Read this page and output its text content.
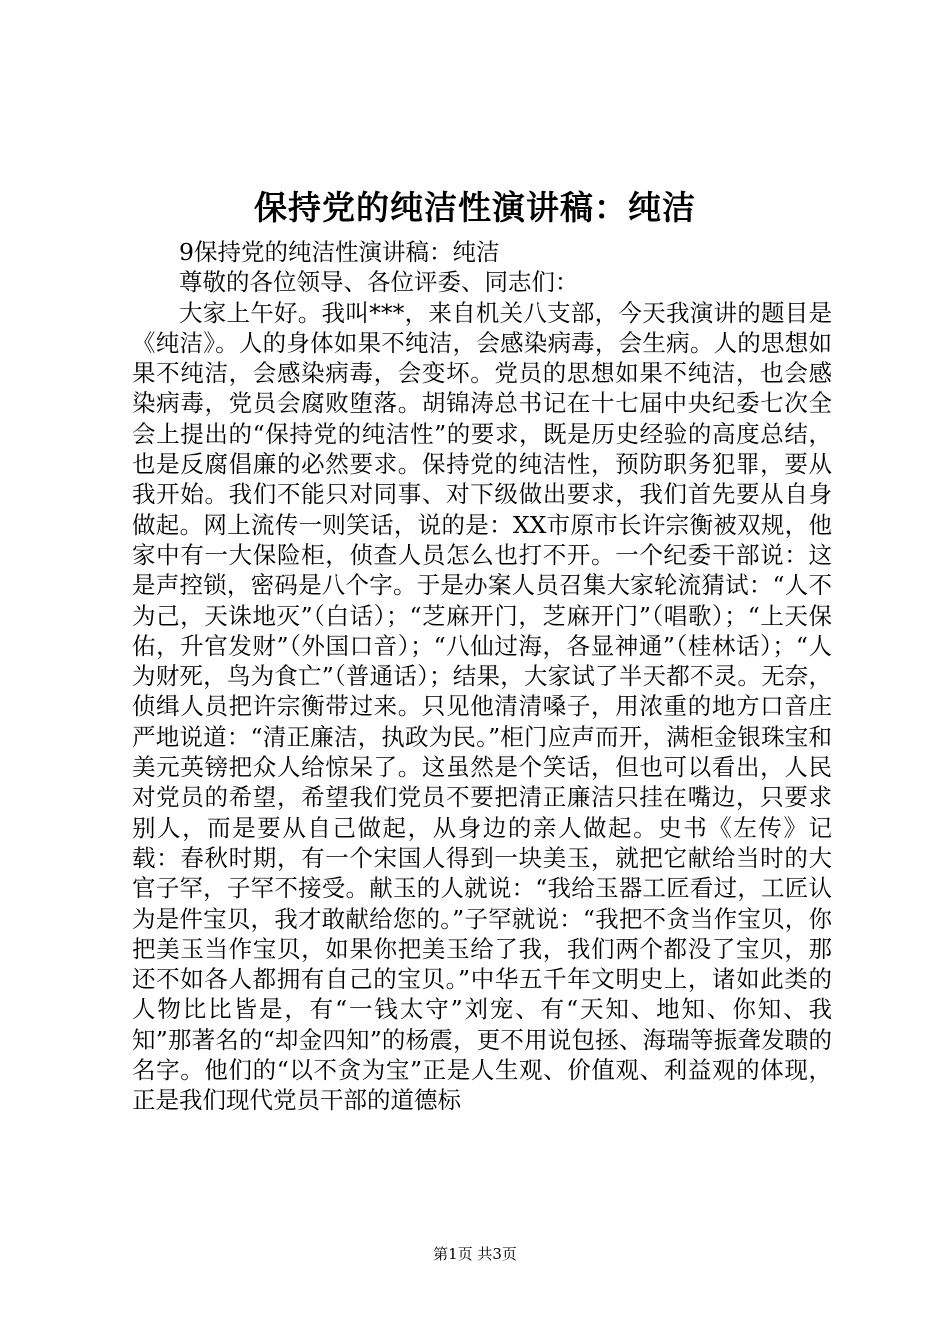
保持党的纯洁性演讲稿：纯洁

9保持党的纯洁性演讲稿：纯洁

尊敬的各位领导、各位评委、同志们：

大家上午好。我叫***，来自机关八支部，今天我演讲的题目是《纯洁》。人的身体如果不纯洁，会感染病毒，会生病。人的思想如果不纯洁，会感染病毒，会变坏。党员的思想如果不纯洁，也会感染病毒，党员会腐败堕落。胡锦涛总书记在十七届中央纪委七次全会上提出的“保持党的纯洁性”的要求，既是历史经验的高度总结，也是反腐倡廉的必然要求。保持党的纯洁性，预防职务犯罪，要从我开始。我们不能只对同事、对下级做出要求，我们首先要从自身做起。网上流传一则笑话，说的是：XX市原市长许宗衡被双规，他家中有一大保险柜，侦查人员怎么也打不开。一个纪委干部说：这是声控锁，密码是八个字。于是办案人员召集大家轮流猜试：“人不为己，天诛地灭”（白话）；“芝麻开门，芝麻开门”（唱歌）；“上天保佑，升官发财”（外国口音）；“八仙过海，各显神通”（桂林话）；“人为财死，鸟为食亡”（普通话）；结果，大家试了半天都不灵。无奈，侦缉人员把许宗衡带过来。只见他清清嗓子，用浓重的地方口音庄严地说道：“清正廉洁，执政为民。”柜门应声而开，满柜金银珠宝和美元英镑把众人给惊呆了。这虽然是个笑话，但也可以看出，人民对党员的希望，希望我们党员不要把清正廉洁只挂在嘴边，只要求别人，而是要从自己做起，从身边的亲人做起。史书《左传》记载：春秋时期，有一个宋国人得到一块美玉，就把它献给当时的大官子罕，子罕不接受。献玉的人就说：“我给玉器工匠看过，工匠认为是件宝贝，我才敢献给您的。”子罕就说：“我把不贪当作宝贝，你把美玉当作宝贝，如果你把美玉给了我，我们两个都没了宝贝，那还不如各人都拥有自己的宝贝。”中华五千年文明史上，诸如此类的人物比比皆是，有“一钱太守”刘宠、有“天知、地知、你知、我知”那著名的“却金四知”的杨震，更不用说包拯、海瑞等振聋发聩的名字。他们的“以不贪为宝”正是人生观、价值观、利益观的体现，正是我们现代党员干部的道德标

第1页 共3页
